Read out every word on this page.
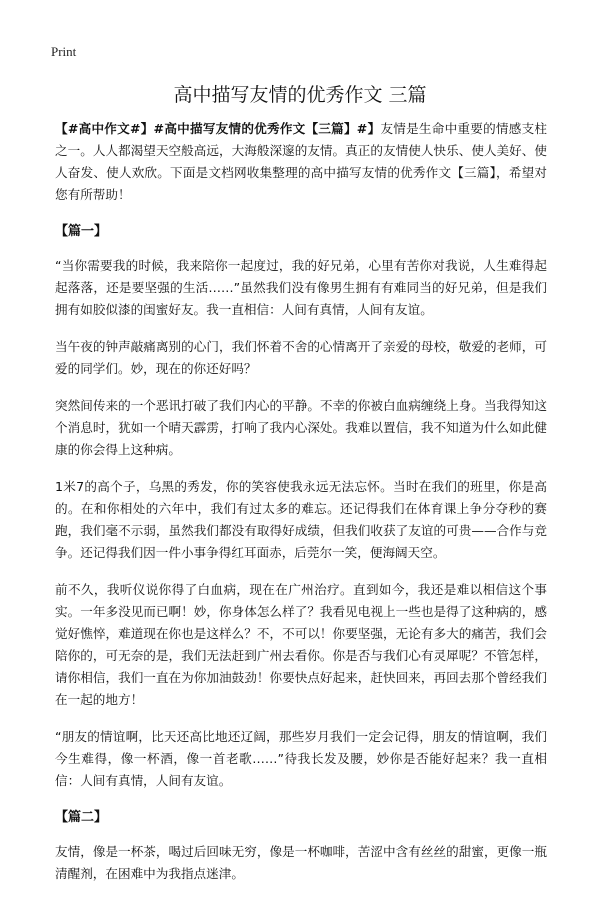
Print
高中描写友情的优秀作文 三篇

【#高中作文#】#高中描写友情的优秀作文【三篇】#】友情是生命中重要的情感支柱之一。人人都渴望天空般高远，大海般深邃的友情。真正的友情使人快乐、使人美好、使人奋发、使人欢欣。下面是文档网收集整理的高中描写友情的优秀作文【三篇】，希望对您有所帮助！

【篇一】

“当你需要我的时候，我来陪你一起度过，我的好兄弟，心里有苦你对我说，人生难得起起落落，还是要坚强的生活……”虽然我们没有像男生拥有有难同当的好兄弟，但是我们拥有如胶似漆的闺蜜好友。我一直相信：人间有真情，人间有友谊。

当午夜的钟声敲痛离别的心门，我们怀着不舍的心情离开了亲爱的母校，敬爱的老师，可爱的同学们。妙，现在的你还好吗？

突然间传来的一个恶讯打破了我们内心的平静。不幸的你被白血病缠绕上身。当我得知这个消息时，犹如一个晴天霹雳，打响了我内心深处。我难以置信，我不知道为什么如此健康的你会得上这种病。

1米7的高个子，乌黑的秀发，你的笑容使我永远无法忘怀。当时在我们的班里，你是高的。在和你相处的六年中，我们有过太多的难忘。还记得我们在体育课上争分夺秒的赛跑，我们毫不示弱，虽然我们都没有取得好成绩，但我们收获了友谊的可贵——合作与竞争。还记得我们因一件小事争得红耳面赤，后莞尔一笑，便海阔天空。

前不久，我听仪说你得了白血病，现在在广州治疗。直到如今，我还是难以相信这个事实。一年多没见而已啊！妙，你身体怎么样了？我看见电视上一些也是得了这种病的，感觉好憔悴，难道现在你也是这样么？不，不可以！你要坚强，无论有多大的痛苦，我们会陪你的，可无奈的是，我们无法赶到广州去看你。你是否与我们心有灵犀呢？不管怎样，请你相信，我们一直在为你加油鼓劲！你要快点好起来，赶快回来，再回去那个曾经我们在一起的地方！

“朋友的情谊啊，比天还高比地还辽阔，那些岁月我们一定会记得，朋友的情谊啊，我们今生难得，像一杯酒，像一首老歌……”待我长发及腰，妙你是否能好起来？我一直相信：人间有真情，人间有友谊。

【篇二】

友情，像是一杯茶，喝过后回味无穷，像是一杯咖啡，苦涩中含有丝丝的甜蜜，更像一瓶清醒剂，在困难中为我指点迷津。
